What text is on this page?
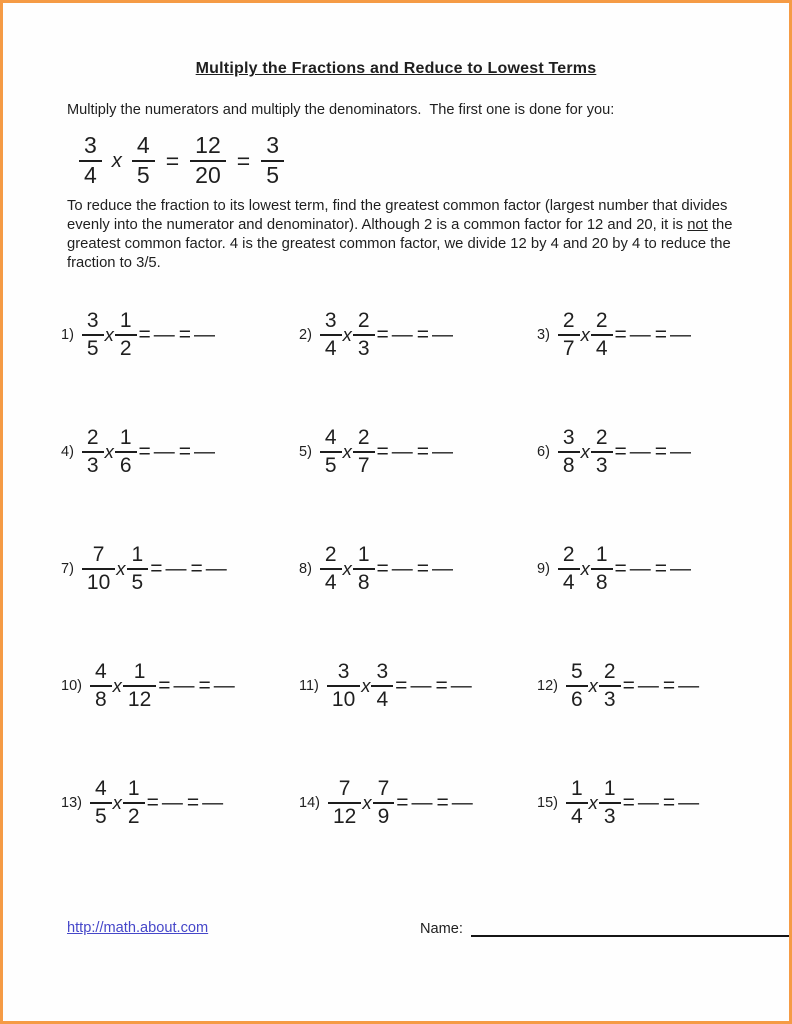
Multiply the Fractions and Reduce to Lowest Terms
Multiply the numerators and multiply the denominators.  The first one is done for you:
$\frac{3}{4}$ x $\frac{4}{5} = \frac{12}{20} = \frac{3}{5}$
To reduce the fraction to its lowest term, find the greatest common factor (largest number that divides evenly into the numerator and denominator). Although 2 is a common factor for 12 and 20, it is not the greatest common factor. 4 is the greatest common factor, we divide 12 by 4 and 20 by 4 to reduce the fraction to 3/5.
$1) \frac{3}{5}$ x $\frac{1}{2}$ = — = —	$2) \frac{3}{4}$ x $\frac{2}{3}$ = — = —	$3) \frac{2}{7}$ x $\frac{2}{4}$ = — = —
$4) \frac{2}{3}$ x $\frac{1}{6}$ = — = —	$5) \frac{4}{5}$ x $\frac{2}{7}$ = — = —	$6) \frac{3}{8}$ x $\frac{2}{3}$ = — = —
$7) \frac{7}{10}$ x $\frac{1}{5}$ = — = —	$8) \frac{2}{4}$ x $\frac{1}{8}$ = — = —	$9) \frac{2}{4}$ x $\frac{1}{8}$ = — = —
$10) \frac{4}{8}$ x $\frac{1}{12}$ = — = —	$11) \frac{3}{10}$ x $\frac{3}{4}$ = — = —	$12) \frac{5}{6}$ x $\frac{2}{3}$ = — = —
$13) \frac{4}{5}$ x $\frac{1}{2}$ = — = —	$14) \frac{7}{12}$ x $\frac{7}{9}$ = — = —	$15) \frac{1}{4}$ x $\frac{1}{3}$ = — = —
http://math.about.com	Name:
